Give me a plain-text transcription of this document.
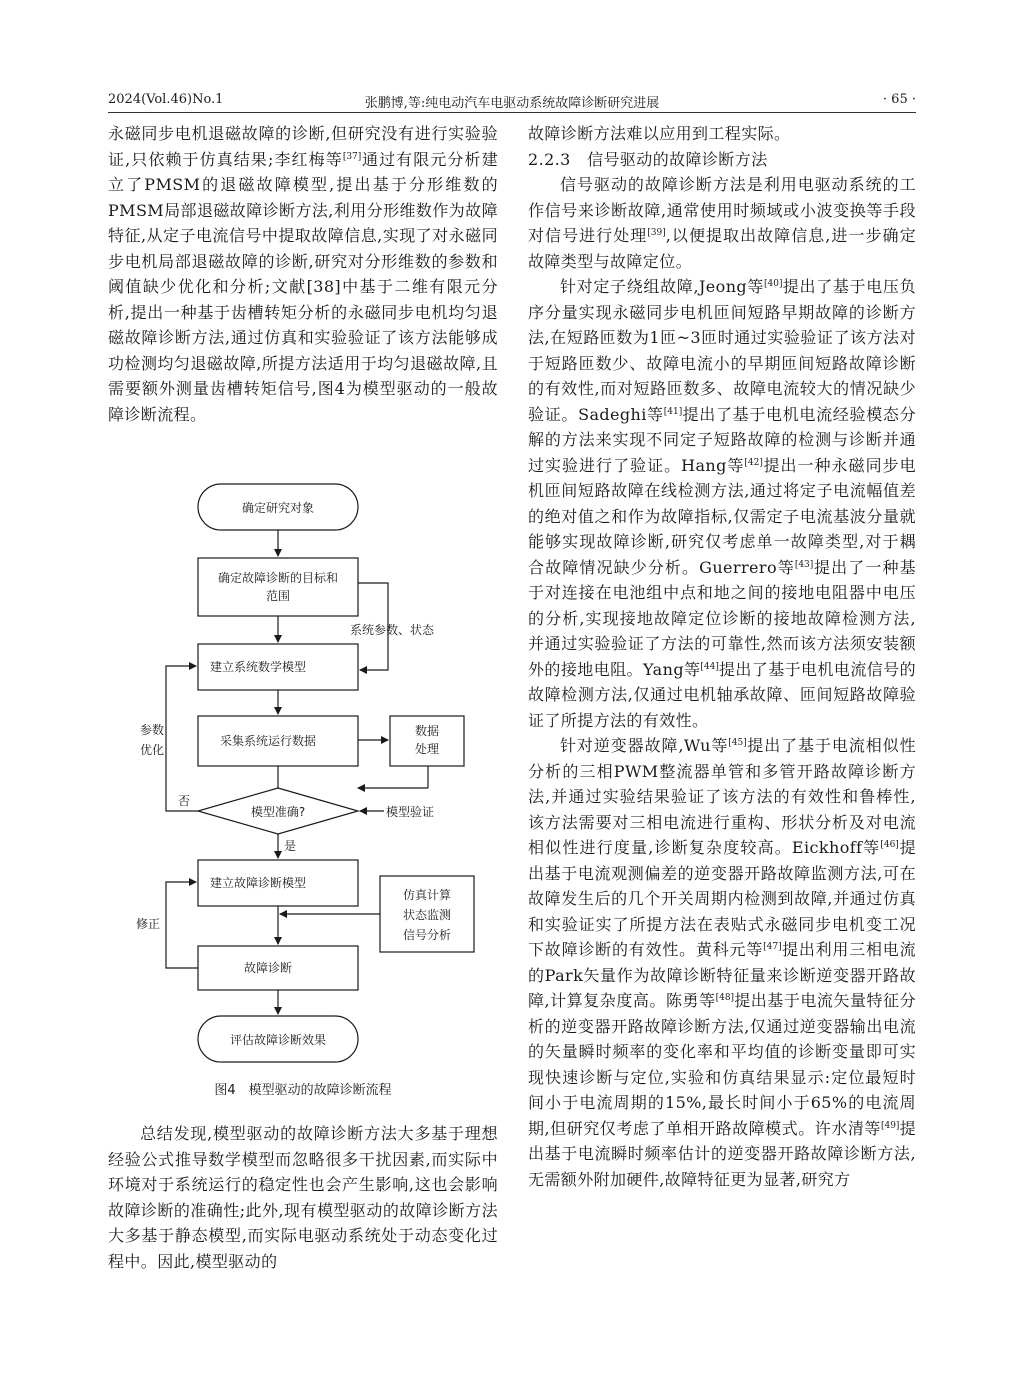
2024(Vol.46)No.1	张鹏博,等:纯电动汽车电驱动系统故障诊断研究进展	· 65 ·

永磁同步电机退磁故障的诊断,但研究没有进行实验验证,只依赖于仿真结果;李红梅等[37]通过有限元分析建立了PMSM的退磁故障模型,提出基于分形维数的PMSM局部退磁故障诊断方法,利用分形维数作为故障特征,从定子电流信号中提取故障信息,实现了对永磁同步电机局部退磁故障的诊断,研究对分形维数的参数和阈值缺少优化和分析;文献[38]中基于二维有限元分析,提出一种基于齿槽转矩分析的永磁同步电机均匀退磁故障诊断方法,通过仿真和实验验证了该方法能够成功检测均匀退磁故障,所提方法适用于均匀退磁故障,且需要额外测量齿槽转矩信号,图4为模型驱动的一般故障诊断流程。

确定研究对象
确定故障诊断的目标和
范围
系统参数、状态
建立系统数学模型
采集系统运行数据
数据
处理
模型准确?	模型验证
参数
优化
否
是
建立故障诊断模型
仿真计算
状态监测
信号分析
修正
故障诊断
评估故障诊断效果
图4　模型驱动的故障诊断流程

总结发现,模型驱动的故障诊断方法大多基于理想经验公式推导数学模型而忽略很多干扰因素,而实际中环境对于系统运行的稳定性也会产生影响,这也会影响故障诊断的准确性;此外,现有模型驱动的故障诊断方法大多基于静态模型,而实际电驱动系统处于动态变化过程中。因此,模型驱动的

故障诊断方法难以应用到工程实际。

2.2.3　信号驱动的故障诊断方法

信号驱动的故障诊断方法是利用电驱动系统的工作信号来诊断故障,通常使用时频域或小波变换等手段对信号进行处理[39],以便提取出故障信息,进一步确定故障类型与故障定位。

针对定子绕组故障,Jeong等[40]提出了基于电压负序分量实现永磁同步电机匝间短路早期故障的诊断方法,在短路匝数为1匝~3匝时通过实验验证了该方法对于短路匝数少、故障电流小的早期匝间短路故障诊断的有效性,而对短路匝数多、故障电流较大的情况缺少验证。Sadeghi等[41]提出了基于电机电流经验模态分解的方法来实现不同定子短路故障的检测与诊断并通过实验进行了验证。Hang等[42]提出一种永磁同步电机匝间短路故障在线检测方法,通过将定子电流幅值差的绝对值之和作为故障指标,仅需定子电流基波分量就能够实现故障诊断,研究仅考虑单一故障类型,对于耦合故障情况缺少分析。Guerrero等[43]提出了一种基于对连接在电池组中点和地之间的接地电阻器中电压的分析,实现接地故障定位诊断的接地故障检测方法,并通过实验验证了方法的可靠性,然而该方法须安装额外的接地电阻。Yang等[44]提出了基于电机电流信号的故障检测方法,仅通过电机轴承故障、匝间短路故障验证了所提方法的有效性。

针对逆变器故障,Wu等[45]提出了基于电流相似性分析的三相PWM整流器单管和多管开路故障诊断方法,并通过实验结果验证了该方法的有效性和鲁棒性,该方法需要对三相电流进行重构、形状分析及对电流相似性进行度量,诊断复杂度较高。Eickhoff等[46]提出基于电流观测偏差的逆变器开路故障监测方法,可在故障发生后的几个开关周期内检测到故障,并通过仿真和实验证实了所提方法在表贴式永磁同步电机变工况下故障诊断的有效性。黄科元等[47]提出利用三相电流的Park矢量作为故障诊断特征量来诊断逆变器开路故障,计算复杂度高。陈勇等[48]提出基于电流矢量特征分析的逆变器开路故障诊断方法,仅通过逆变器输出电流的矢量瞬时频率的变化率和平均值的诊断变量即可实现快速诊断与定位,实验和仿真结果显示:定位最短时间小于电流周期的15%,最长时间小于65%的电流周期,但研究仅考虑了单相开路故障模式。许水清等[49]提出基于电流瞬时频率估计的逆变器开路故障诊断方法,无需额外附加硬件,故障特征更为显著,研究方
